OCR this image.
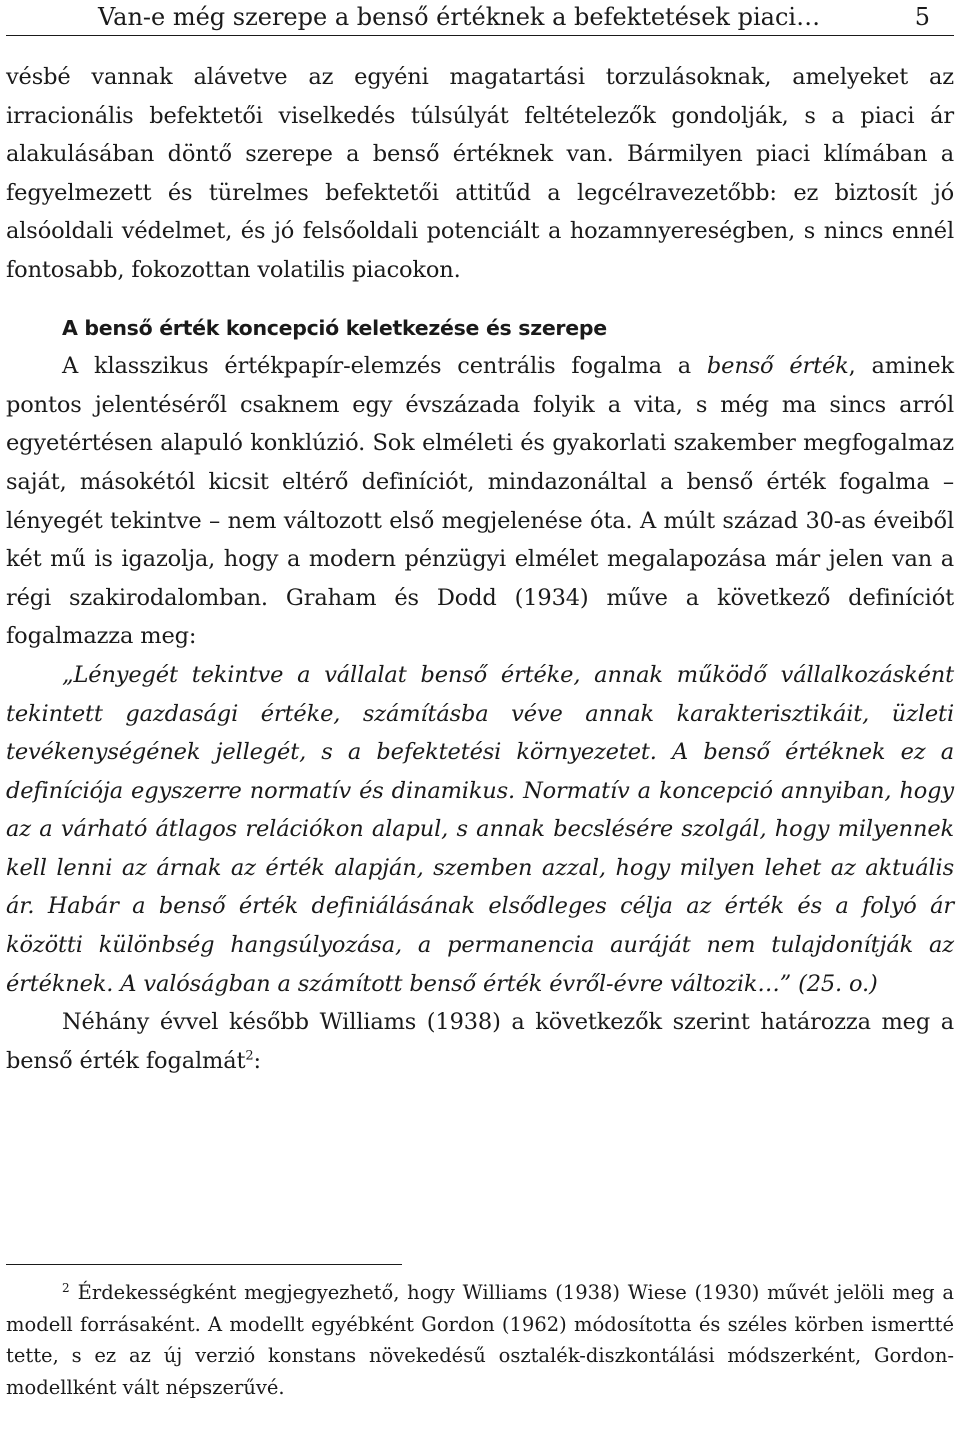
Van-e még szerepe a benső értéknek a befektetések piaci…	5

vésbé vannak alávetve az egyéni magatartási torzulásoknak, amelyeket az irracionális befektetői viselkedés túlsúlyát feltételezők gondolják, s a piaci ár alakulásában döntő szerepe a benső értéknek van. Bármilyen piaci klímában a fegyelmezett és türelmes befektetői attitűd a legcélravezetőbb: ez biztosít jó alsóoldali védelmet, és jó felsőoldali potenciált a hozamnyereségben, s nincs ennél fontosabb, fokozottan volatilis piacokon.

A benső érték koncepció keletkezése és szerepe

A klasszikus értékpapír-elemzés centrális fogalma a benső érték, aminek pontos jelentéséről csaknem egy évszázada folyik a vita, s még ma sincs arról egyetértésen alapuló konklúzió. Sok elméleti és gyakorlati szakember megfogalmaz saját, másokétól kicsit eltérő definíciót, mindazonáltal a benső érték fogalma – lényegét tekintve – nem változott első megjelenése óta. A múlt század 30-as éveiből két mű is igazolja, hogy a modern pénzügyi elmélet megalapozása már jelen van a régi szakirodalomban. Graham és Dodd (1934) műve a következő definíciót fogalmazza meg:

„Lényegét tekintve a vállalat benső értéke, annak működő vállalkozásként tekintett gazdasági értéke, számításba véve annak karakterisztikáit, üzleti tevékenységének jellegét, s a befektetési környezetet. A benső értéknek ez a definíciója egyszerre normatív és dinamikus. Normatív a koncepció annyiban, hogy az a várható átlagos relációkon alapul, s annak becslésére szolgál, hogy milyennek kell lenni az árnak az érték alapján, szemben azzal, hogy milyen lehet az aktuális ár. Habár a benső érték definiálásának elsődleges célja az érték és a folyó ár közötti különbség hangsúlyozása, a permanencia auráját nem tulajdonítják az értéknek. A valóságban a számított benső érték évről-évre változik…” (25. o.)

Néhány évvel később Williams (1938) a következők szerint határozza meg a benső érték fogalmát$^2$:

$^2$ Érdekességként megjegyezhető, hogy Williams (1938) Wiese (1930) művét jelöli meg a modell forrásaként. A modellt egyébként Gordon (1962) módosította és széles körben ismertté tette, s ez az új verzió konstans növekedésű osztalék-diszkontálási módszerként, Gordon-modellként vált népszerűvé.
